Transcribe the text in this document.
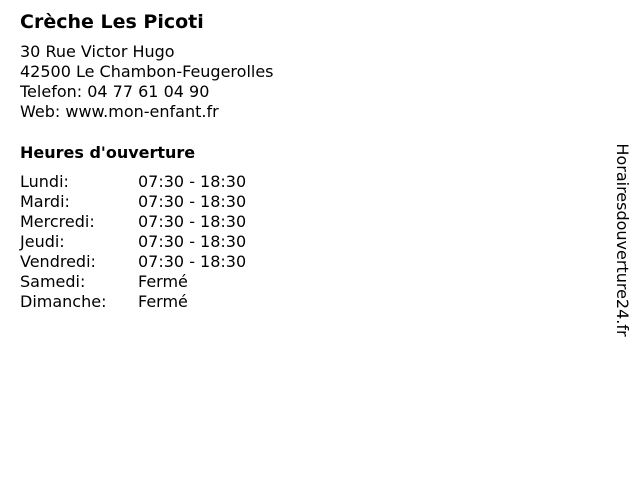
Crèche Les Picoti
30 Rue Victor Hugo
42500 Le Chambon-Feugerolles
Telefon: 04 77 61 04 90
Web: www.mon-enfant.fr
Heures d'ouverture
Lundi:	07:30 - 18:30
Mardi:	07:30 - 18:30
Mercredi:	07:30 - 18:30
Jeudi:	07:30 - 18:30
Vendredi:	07:30 - 18:30
Samedi:	Fermé
Dimanche:	Fermé	Horairesdouverture24.fr
